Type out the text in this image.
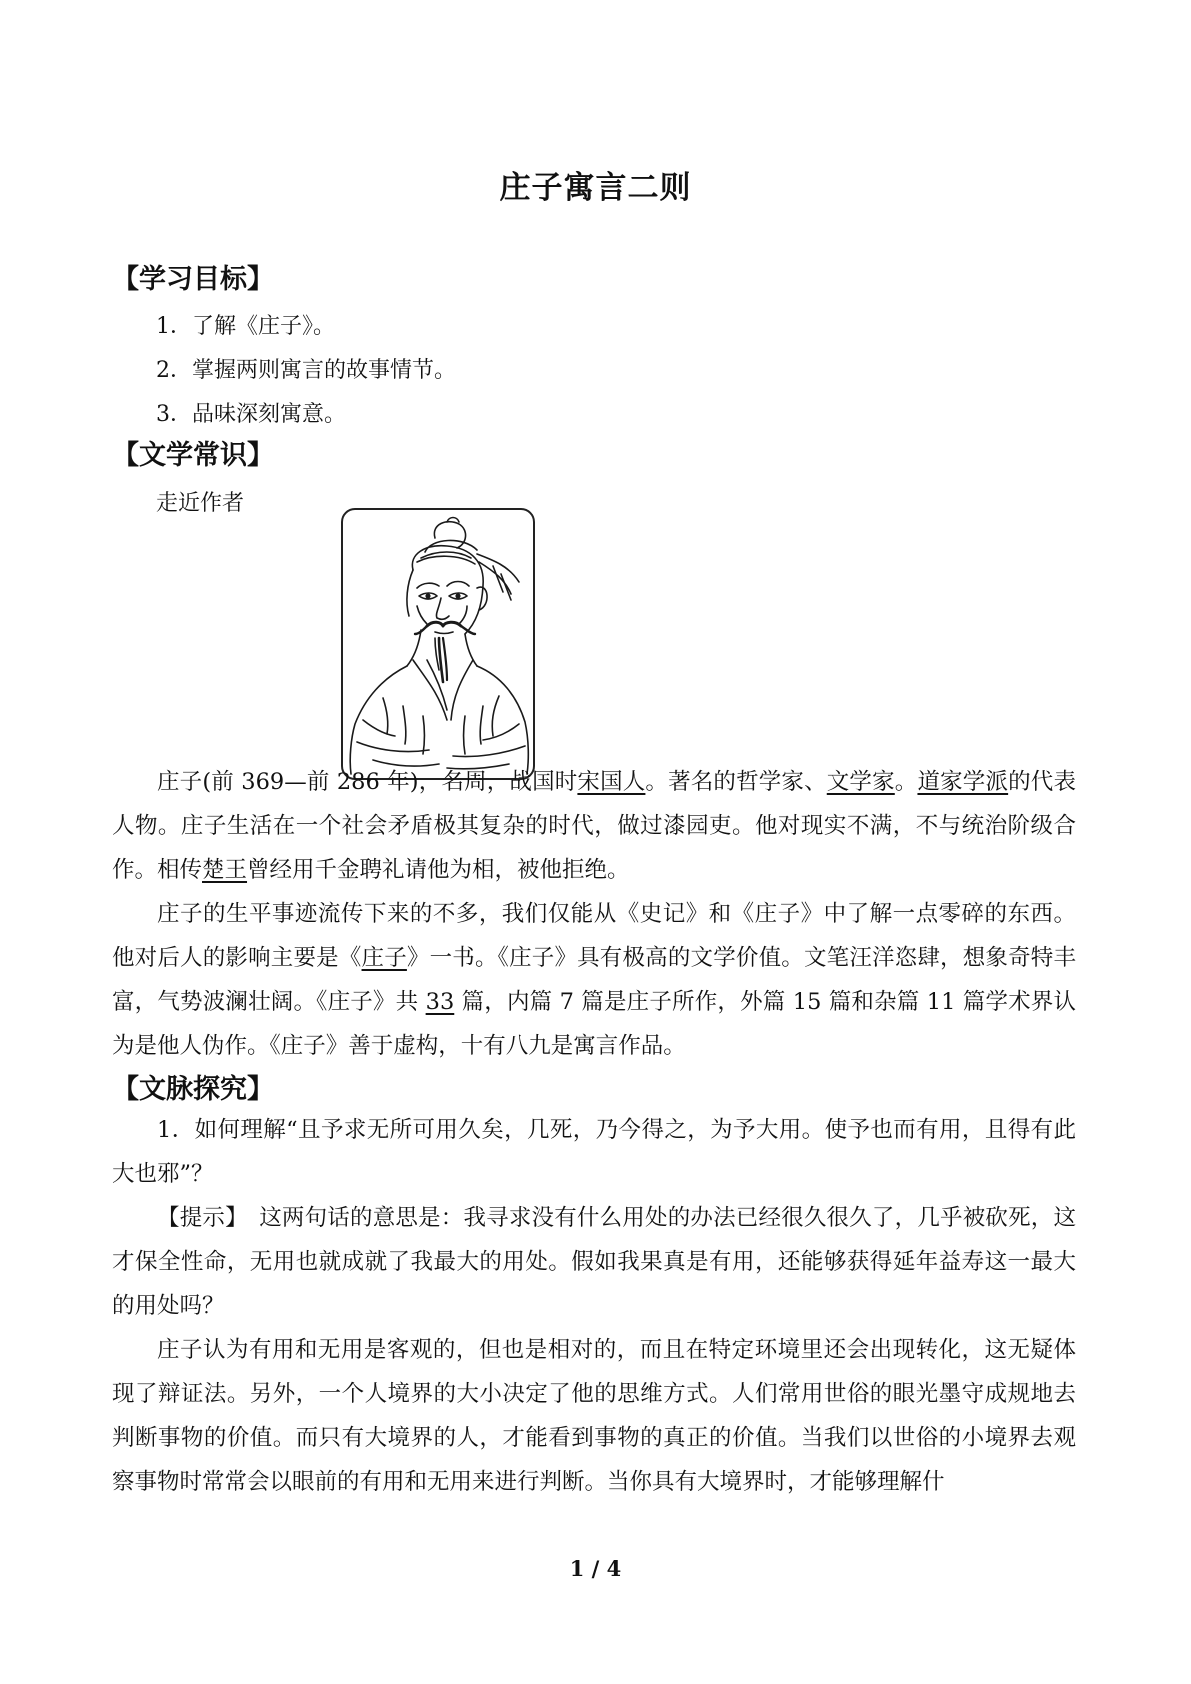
庄子寓言二则
【学习目标】
1．了解《庄子》。
2．掌握两则寓言的故事情节。
3．品味深刻寓意。
【文学常识】
走近作者
庄子(前 369—前 286 年)，名周，战国时宋国人。著名的哲学家、文学家。道家学派的代表人物。庄子生活在一个社会矛盾极其复杂的时代，做过漆园吏。他对现实不满，不与统治阶级合作。相传楚王曾经用千金聘礼请他为相，被他拒绝。
庄子的生平事迹流传下来的不多，我们仅能从《史记》和《庄子》中了解一点零碎的东西。他对后人的影响主要是《庄子》一书。《庄子》具有极高的文学价值。文笔汪洋恣肆，想象奇特丰富，气势波澜壮阔。《庄子》共 33 篇，内篇 7 篇是庄子所作，外篇 15 篇和杂篇 11 篇学术界认为是他人伪作。《庄子》善于虚构，十有八九是寓言作品。
【文脉探究】
1．如何理解“且予求无所可用久矣，几死，乃今得之，为予大用。使予也而有用，且得有此大也邪”？
【提示】　这两句话的意思是：我寻求没有什么用处的办法已经很久很久了，几乎被砍死，这才保全性命，无用也就成就了我最大的用处。假如我果真是有用，还能够获得延年益寿这一最大的用处吗？
庄子认为有用和无用是客观的，但也是相对的，而且在特定环境里还会出现转化，这无疑体现了辩证法。另外，一个人境界的大小决定了他的思维方式。人们常用世俗的眼光墨守成规地去判断事物的价值。而只有大境界的人，才能看到事物的真正的价值。当我们以世俗的小境界去观察事物时常常会以眼前的有用和无用来进行判断。当你具有大境界时，才能够理解什
1 / 4
